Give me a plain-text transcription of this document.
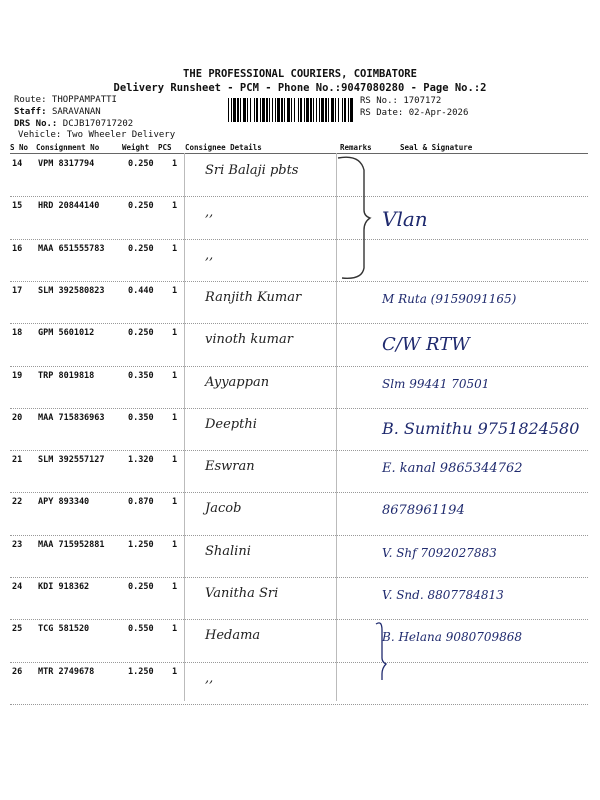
THE PROFESSIONAL COURIERS, COIMBATORE
Delivery Runsheet - PCM - Phone No.:9047080280 - Page No.:2
Route: THOPPAMPATTI
Staff: SARAVANAN
DRS No.: DCJB170717202
Vehicle: Two Wheeler Delivery
RS No.: 1707172
RS Date: 02-Apr-2026
S No Consignment No	Weight PCS Consignee Details	Remarks	Seal & Signature
14 VPM 8317794	0.250 1 Sri Balaji pbts
15 HRD 20844140	0.250 1 ,,	Vlan
16 MAA 651555783	0.250 1 ,,
17 SLM 392580823	0.440 1 Ranjith Kumar	M Ruta (9159091165)
18 GPM 5601012	0.250 1 vinoth kumar	C/W RTW
19 TRP 8019818	0.350 1 Ayyappan	Slm 99441 70501
20 MAA 715836963	0.350 1 Deepthi	B. Sumithu 9751824580
21 SLM 392557127	1.320 1 Eswran	E. kanal 9865344762
22 APY 893340	0.870 1 Jacob	8678961194
23 MAA 715952881	1.250 1 Shalini	V. Shf 7092027883
24 KDI 918362	0.250 1 Vanitha Sri	V. Snd. 8807784813
25 TCG 581520	0.550 1 Hedama	B. Helana 9080709868
26 MTR 2749678	1.250 1 ,,
